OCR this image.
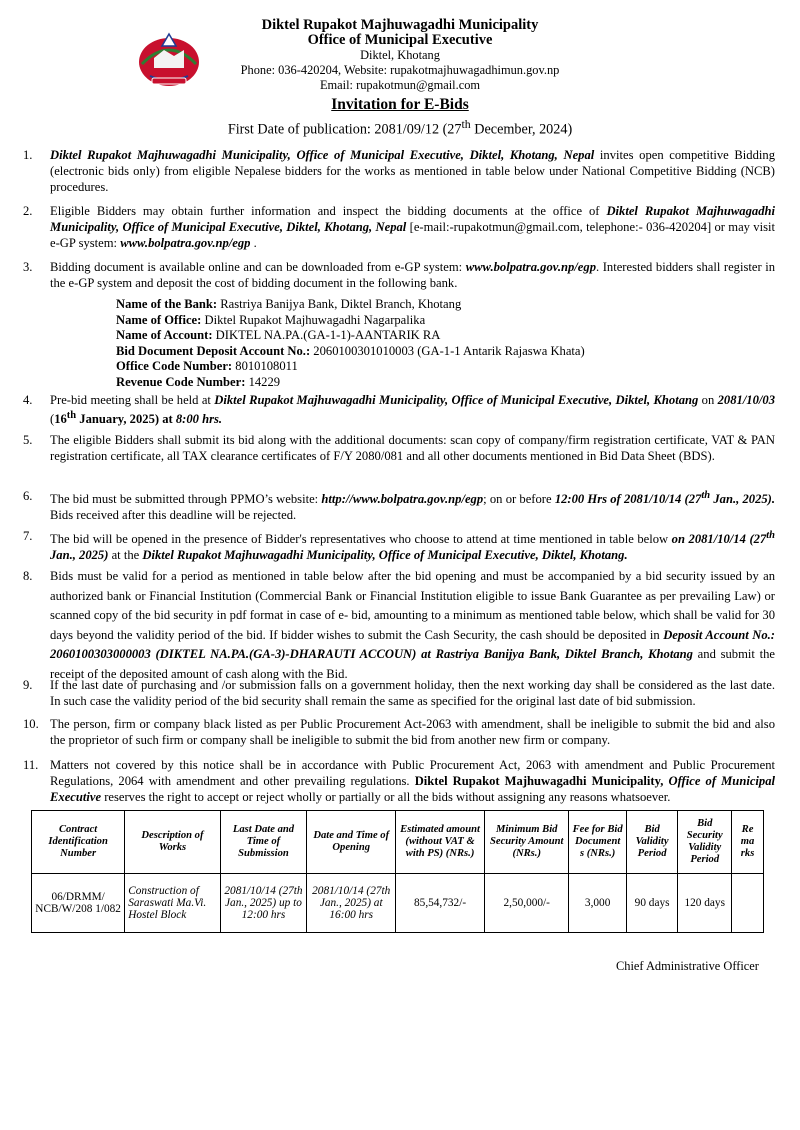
Diktel Rupakot Majhuwagadhi Municipality
Office of Municipal Executive
Diktel, Khotang
Phone: 036-420204, Website: rupakotmajhuwagadhimun.gov.np
Email: rupakotmun@gmail.com
Invitation for E-Bids
First Date of publication: 2081/09/12 (27th December, 2024)
1. Diktel Rupakot Majhuwagadhi Municipality, Office of Municipal Executive, Diktel, Khotang, Nepal invites open competitive Bidding (electronic bids only) from eligible Nepalese bidders for the works as mentioned in table below under National Competitive Bidding (NCB) procedures.
2. Eligible Bidders may obtain further information and inspect the bidding documents at the office of Diktel Rupakot Majhuwagadhi Municipality, Office of Municipal Executive, Diktel, Khotang, Nepal [e-mail:-rupakotmun@gmail.com, telephone:- 036-420204] or may visit e-GP system: www.bolpatra.gov.np/egp .
3. Bidding document is available online and can be downloaded from e-GP system: www.bolpatra.gov.np/egp. Interested bidders shall register in the e-GP system and deposit the cost of bidding document in the following bank.
Name of the Bank: Rastriya Banijya Bank, Diktel Branch, Khotang
Name of Office: Diktel Rupakot Majhuwagadhi Nagarpalika
Name of Account: DIKTEL NA.PA.(GA-1-1)-AANTARIK RA
Bid Document Deposit Account No.: 2060100301010003 (GA-1-1 Antarik Rajaswa Khata)
Office Code Number: 8010108011
Revenue Code Number: 14229
4. Pre-bid meeting shall be held at Diktel Rupakot Majhuwagadhi Municipality, Office of Municipal Executive, Diktel, Khotang on 2081/10/03 (16th January, 2025) at 8:00 hrs.
5. The eligible Bidders shall submit its bid along with the additional documents: scan copy of company/firm registration certificate, VAT & PAN registration certificate, all TAX clearance certificates of F/Y 2080/081 and all other documents mentioned in Bid Data Sheet (BDS).
6. The bid must be submitted through PPMO’s website: http://www.bolpatra.gov.np/egp; on or before 12:00 Hrs of 2081/10/14 (27th Jan., 2025). Bids received after this deadline will be rejected.
7. The bid will be opened in the presence of Bidder's representatives who choose to attend at time mentioned in table below on 2081/10/14 (27th Jan., 2025) at the Diktel Rupakot Majhuwagadhi Municipality, Office of Municipal Executive, Diktel, Khotang.
8. Bids must be valid for a period as mentioned in table below after the bid opening and must be accompanied by a bid security issued by an authorized bank or Financial Institution (Commercial Bank or Financial Institution eligible to issue Bank Guarantee as per prevailing Law) or scanned copy of the bid security in pdf format in case of e- bid, amounting to a minimum as mentioned table below, which shall be valid for 30 days beyond the validity period of the bid. If bidder wishes to submit the Cash Security, the cash should be deposited in Deposit Account No.: 2060100303000003 (DIKTEL NA.PA.(GA-3)-DHARAUTI ACCOUN) at Rastriya Banijya Bank, Diktel Branch, Khotang and submit the receipt of the deposited amount of cash along with the Bid.
9. If the last date of purchasing and /or submission falls on a government holiday, then the next working day shall be considered as the last date. In such case the validity period of the bid security shall remain the same as specified for the original last date of bid submission.
10. The person, firm or company black listed as per Public Procurement Act-2063 with amendment, shall be ineligible to submit the bid and also the proprietor of such firm or company shall be ineligible to submit the bid from another new firm or company.
11. Matters not covered by this notice shall be in accordance with Public Procurement Act, 2063 with amendment and Public Procurement Regulations, 2064 with amendment and other prevailing regulations. Diktel Rupakot Majhuwagadhi Municipality, Office of Municipal Executive reserves the right to accept or reject wholly or partially or all the bids without assigning any reasons whatsoever.
Contract Identification Number	Description of Works	Last Date and Time of Submission	Date and Time of Opening	Estimated amount (without VAT & with PS) (NRs.)	Minimum Bid Security Amount (NRs.)	Fee for Bid Document s (NRs.)	Bid Validity Period	Bid Security Validity Period	Re ma rks
06/DRMM/ NCB/W/208 1/082	Construction of Saraswati Ma.Vi. Hostel Block	2081/10/14 (27th Jan., 2025) up to 12:00 hrs	2081/10/14 (27th Jan., 2025) at 16:00 hrs	85,54,732/-	2,50,000/-	3,000	90 days	120 days	
Chief Administrative Officer
